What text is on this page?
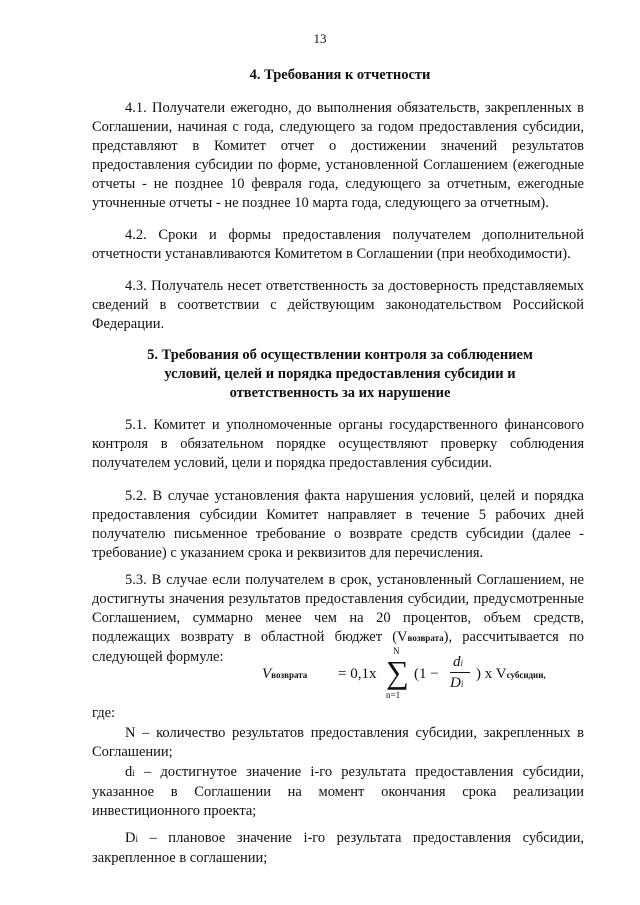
13
4. Требования к отчетности

4.1. Получатели ежегодно, до выполнения обязательств, закрепленных в Соглашении, начиная с года, следующего за годом предоставления субсидии, представляют в Комитет отчет о достижении значений результатов предоставления субсидии по форме, установленной Соглашением (ежегодные отчеты - не позднее 10 февраля года, следующего за отчетным, ежегодные уточненные отчеты - не позднее 10 марта года, следующего за отчетным).

4.2. Сроки и формы предоставления получателем дополнительной отчетности устанавливаются Комитетом в Соглашении (при необходимости).

4.3. Получатель несет ответственность за достоверность представляемых сведений в соответствии с действующим законодательством Российской Федерации.

5. Требования об осуществлении контроля за соблюдением
условий, целей и порядка предоставления субсидии и
ответственность за их нарушение

5.1. Комитет и уполномоченные органы государственного финансового контроля в обязательном порядке осуществляют проверку соблюдения получателем условий, цели и порядка предоставления субсидии.

5.2. В случае установления факта нарушения условий, целей и порядка предоставления субсидии Комитет направляет в течение 5 рабочих дней получателю письменное требование о возврате средств субсидии (далее - требование) с указанием срока и реквизитов для перечисления.

5.3. В случае если получателем в срок, установленный Соглашением, не достигнуты значения результатов предоставления субсидии, предусмотренные Соглашением, суммарно менее чем на 20 процентов, объем средств, подлежащих возврату в областной бюджет (Vвозврата), рассчитывается по следующей формуле:

Vвозврата = 0,1x
N
∑
n=1
(1 −
di
Di
) x Vсубсидии,

где:

N – количество результатов предоставления субсидии, закрепленных в Соглашении;

di – достигнутое значение i-го результата предоставления субсидии, указанное в Соглашении на момент окончания срока реализации инвестиционного проекта;

Di – плановое значение i-го результата предоставления субсидии, закрепленное в соглашении;
